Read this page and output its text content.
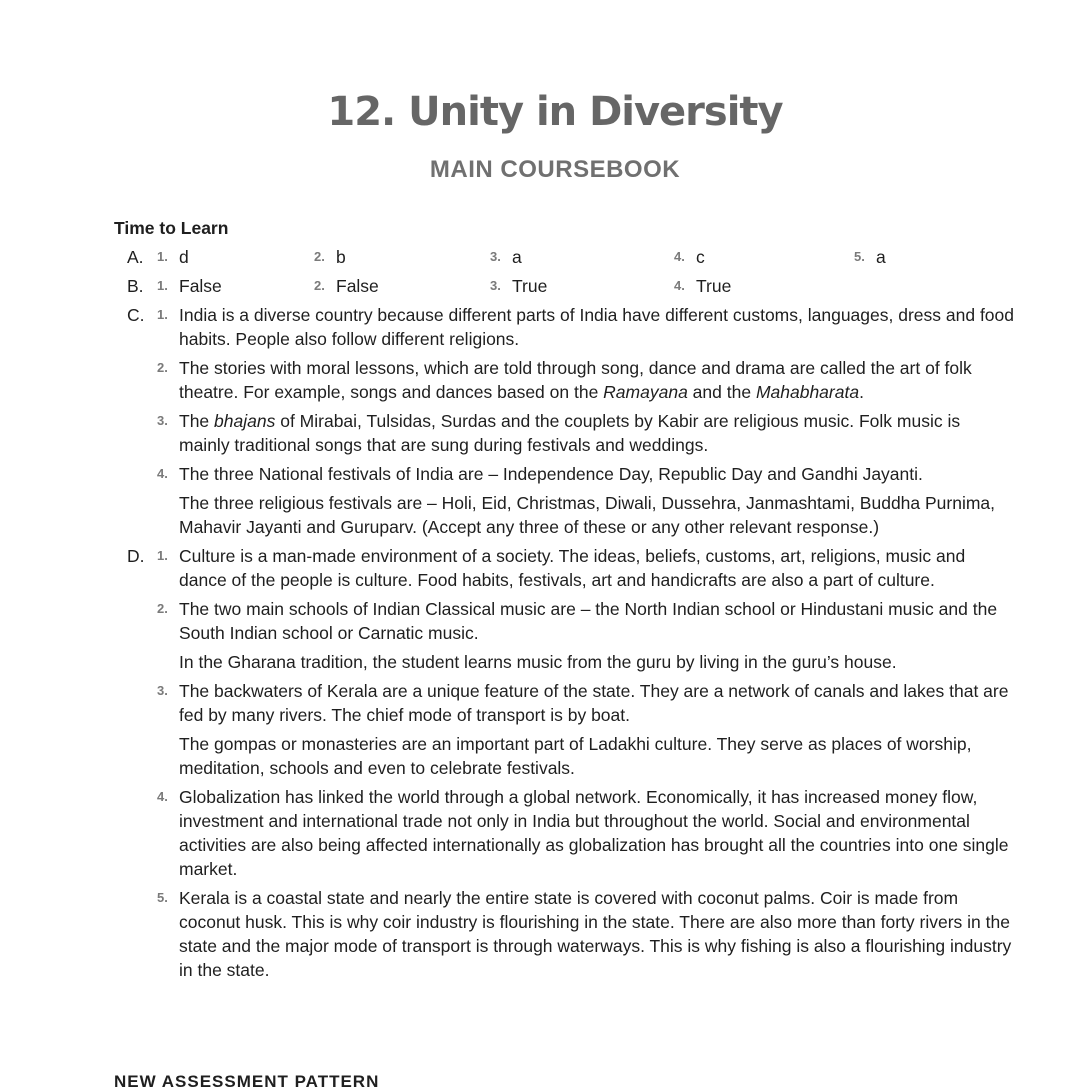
12. Unity in Diversity
MAIN COURSEBOOK
Time to Learn
A. 1. d	2. b	3. a	4. c	5. a
B. 1. False	2. False	3. True	4. True
C. 1. India is a diverse country because different parts of India have different customs, languages, dress and food habits. People also follow different religions.
2. The stories with moral lessons, which are told through song, dance and drama are called the art of folk theatre. For example, songs and dances based on the Ramayana and the Mahabharata.
3. The bhajans of Mirabai, Tulsidas, Surdas and the couplets by Kabir are religious music. Folk music is mainly traditional songs that are sung during festivals and weddings.
4. The three National festivals of India are – Independence Day, Republic Day and Gandhi Jayanti.

The three religious festivals are – Holi, Eid, Christmas, Diwali, Dussehra, Janmashtami, Buddha Purnima, Mahavir Jayanti and Guruparv. (Accept any three of these or any other relevant response.)

D. 1. Culture is a man-made environment of a society. The ideas, beliefs, customs, art, religions, music and dance of the people is culture. Food habits, festivals, art and handicrafts are also a part of culture.
2. The two main schools of Indian Classical music are – the North Indian school or Hindustani music and the South Indian school or Carnatic music.

In the Gharana tradition, the student learns music from the guru by living in the guru’s house.

3. The backwaters of Kerala are a unique feature of the state. They are a network of canals and lakes that are fed by many rivers. The chief mode of transport is by boat.

The gompas or monasteries are an important part of Ladakhi culture. They serve as places of worship, meditation, schools and even to celebrate festivals.

4. Globalization has linked the world through a global network. Economically, it has increased money flow, investment and international trade not only in India but throughout the world. Social and environmental activities are also being affected internationally as globalization has brought all the countries into one single market.
5. Kerala is a coastal state and nearly the entire state is covered with coconut palms. Coir is made from coconut husk. This is why coir industry is flourishing in the state. There are also more than forty rivers in the state and the major mode of transport is through waterways. This is why fishing is also a flourishing industry in the state.
NEW ASSESSMENT PATTERN
